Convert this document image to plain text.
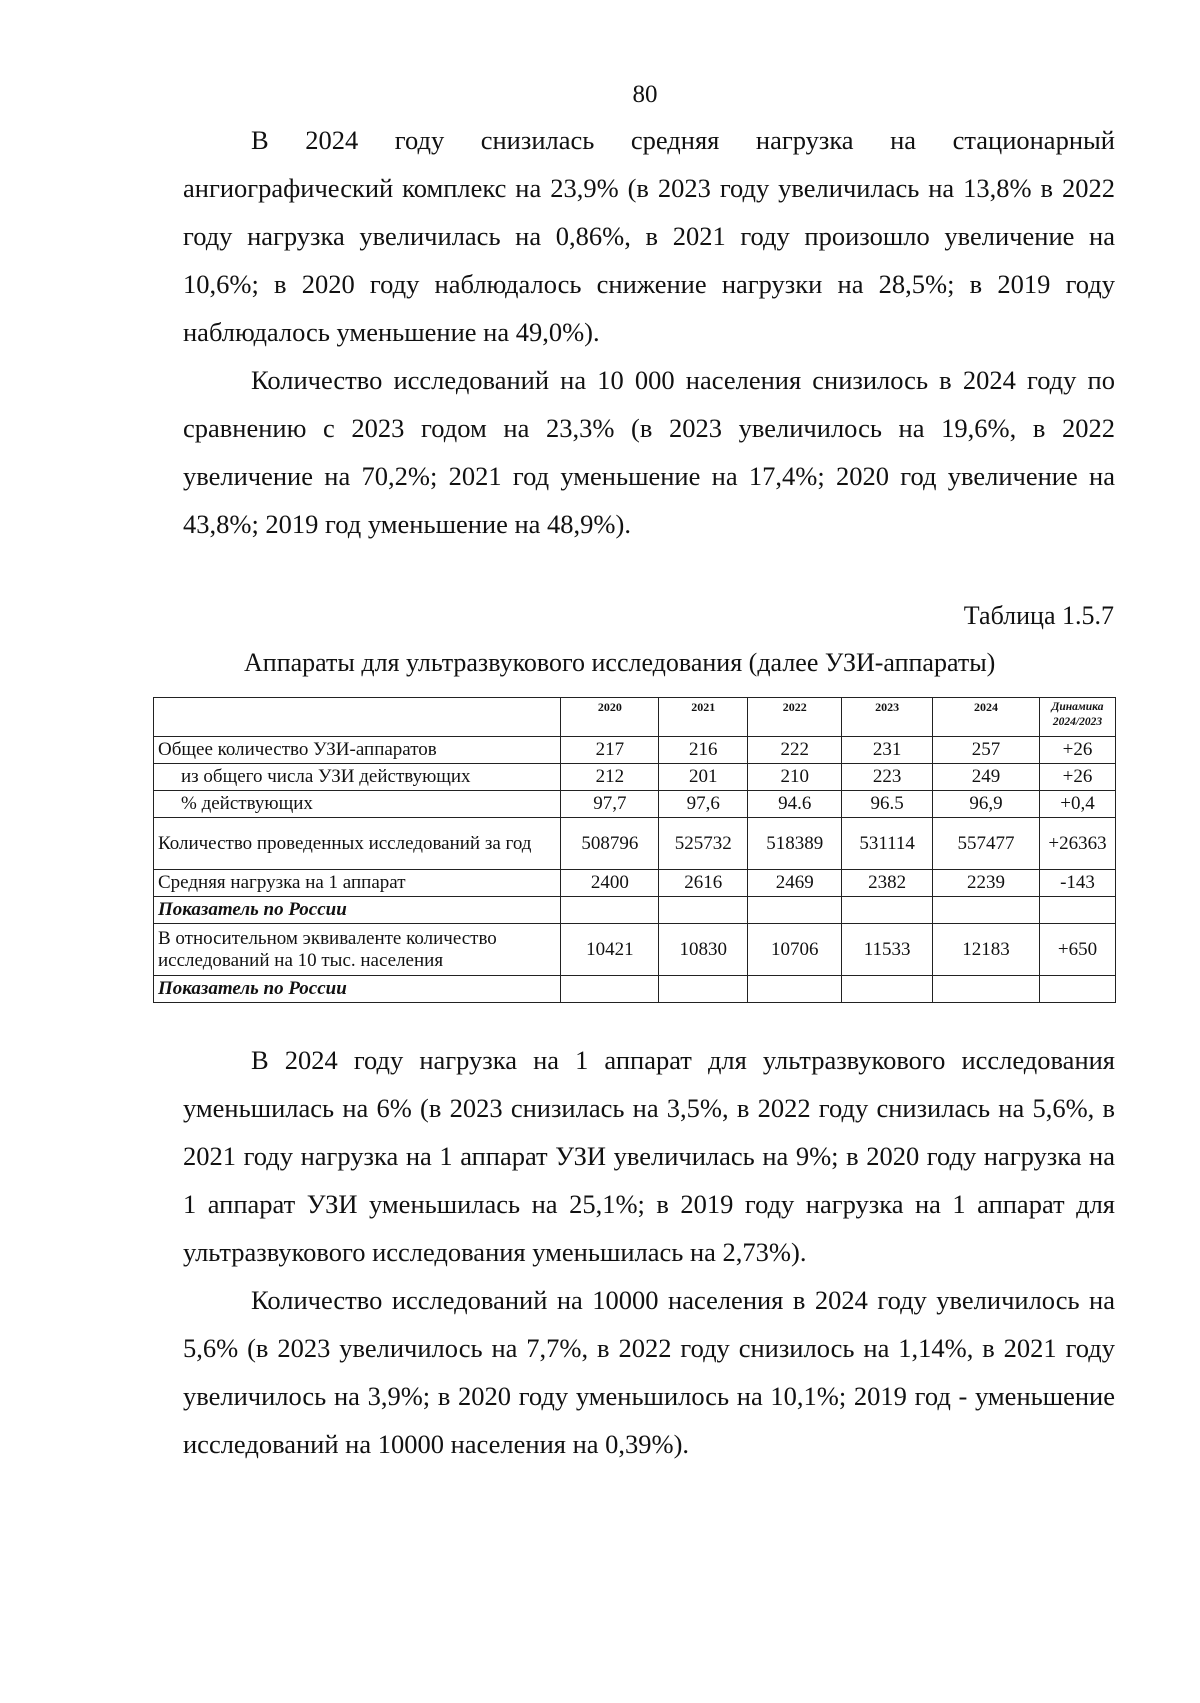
80

В 2024 году снизилась средняя нагрузка на стационарный ангиографический комплекс на 23,9% (в 2023 году увеличилась на 13,8% в 2022 году нагрузка увеличилась на 0,86%, в 2021 году произошло увеличение на 10,6%; в 2020 году наблюдалось снижение нагрузки на 28,5%; в 2019 году наблюдалось уменьшение на 49,0%).

Количество исследований на 10 000 населения снизилось в 2024 году по сравнению с 2023 годом на 23,3% (в 2023 увеличилось на 19,6%, в 2022 увеличение на 70,2%; 2021 год уменьшение на 17,4%; 2020 год увеличение на 43,8%; 2019 год уменьшение на 48,9%).

Таблица 1.5.7
Аппараты для ультразвукового исследования (далее УЗИ-аппараты)
	2020	2021	2022	2023	2024	Динамика 2024/2023
Общее количество УЗИ-аппаратов	217	216	222	231	257	+26
из общего числа УЗИ действующих	212	201	210	223	249	+26
% действующих	97,7	97,6	94.6	96.5	96,9	+0,4
Количество проведенных исследований за год	508796	525732	518389	531114	557477	+26363
Средняя нагрузка на 1 аппарат	2400	2616	2469	2382	2239	-143
Показатель по России						
В относительном эквиваленте количество исследований на 10 тыс. населения	10421	10830	10706	11533	12183	+650
Показатель по России						

В 2024 году нагрузка на 1 аппарат для ультразвукового исследования уменьшилась на 6% (в 2023 снизилась на 3,5%, в 2022 году снизилась на 5,6%, в 2021 году нагрузка на 1 аппарат УЗИ увеличилась на 9%; в 2020 году нагрузка на 1 аппарат УЗИ уменьшилась на 25,1%; в 2019 году нагрузка на 1 аппарат для ультразвукового исследования уменьшилась на 2,73%).

Количество исследований на 10000 населения в 2024 году увеличилось на 5,6% (в 2023 увеличилось на 7,7%, в 2022 году снизилось на 1,14%, в 2021 году увеличилось на 3,9%; в 2020 году уменьшилось на 10,1%; 2019 год - уменьшение исследований на 10000 населения на 0,39%).
